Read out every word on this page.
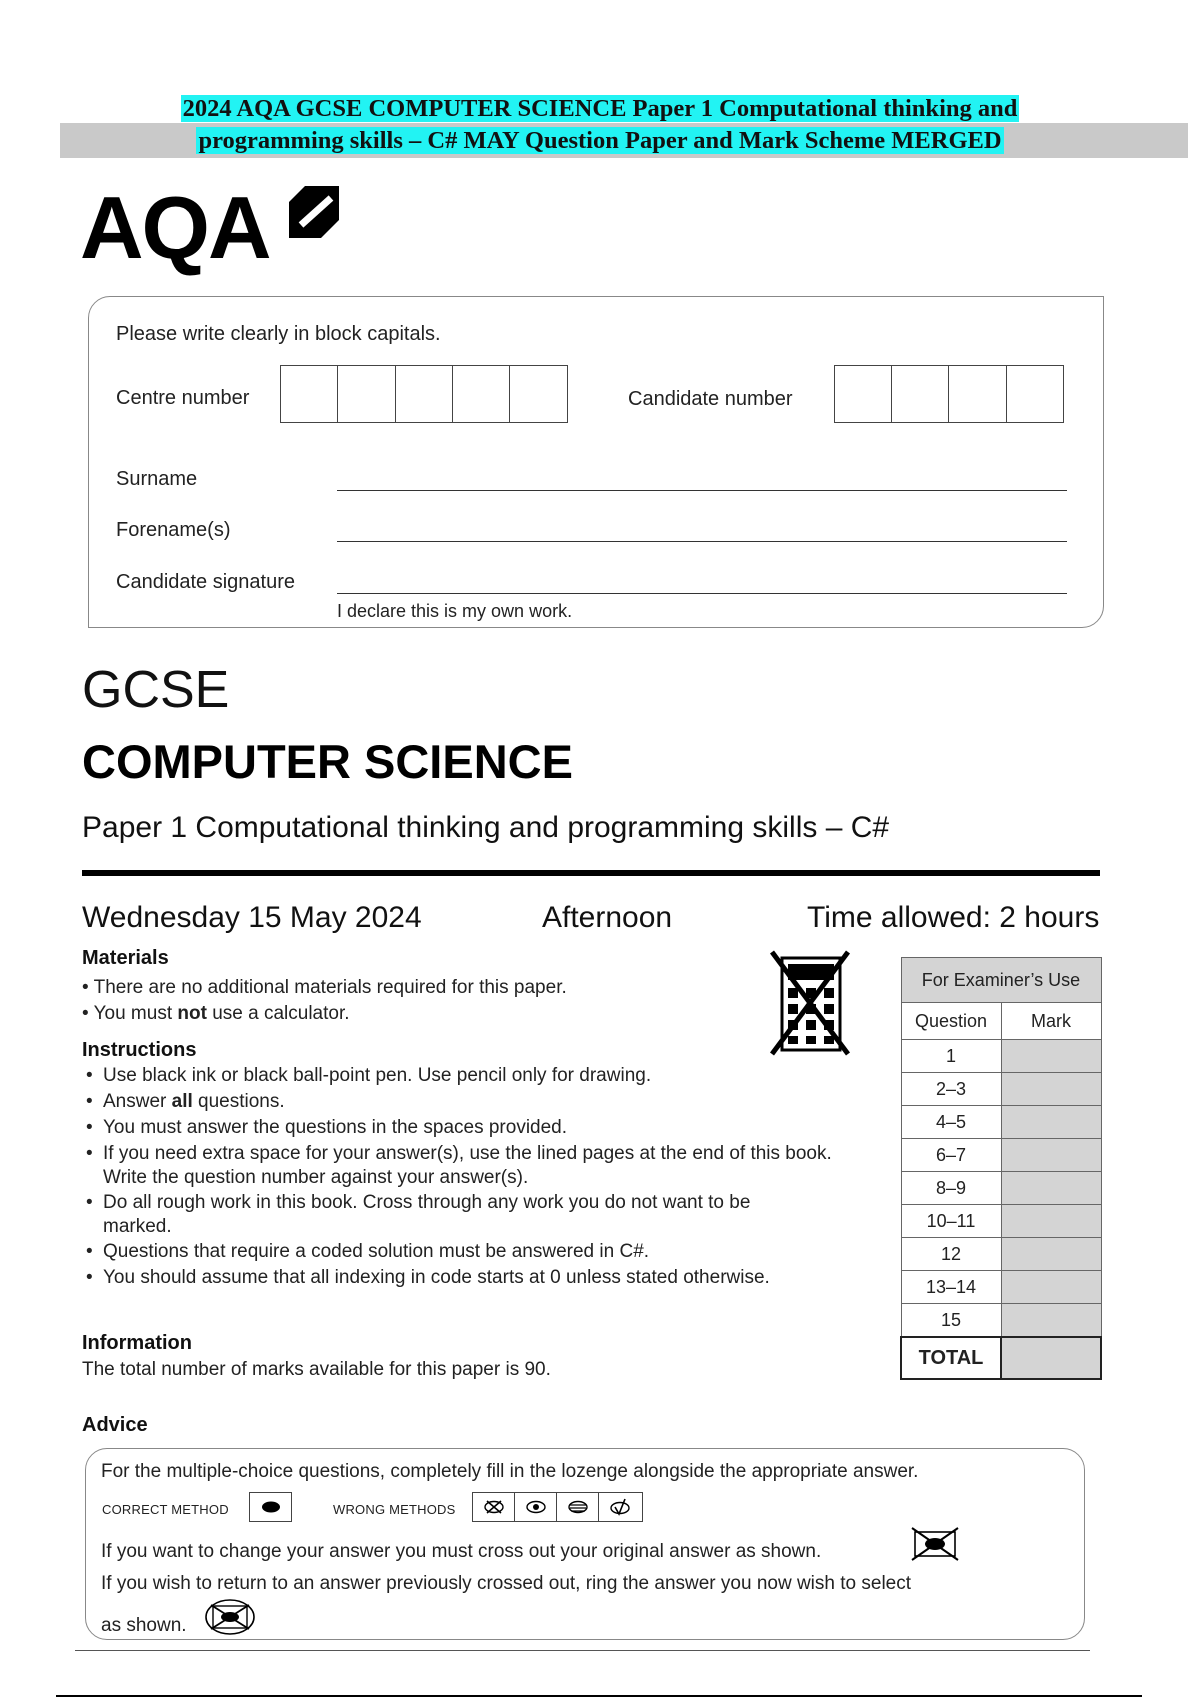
2024 AQA GCSE COMPUTER SCIENCE Paper 1 Computational thinking and
programming skills – C# MAY Question Paper and Mark Scheme MERGED
AQA
Please write clearly in block capitals.
Centre number	Candidate number
Surname
Forename(s)
Candidate signature
I declare this is my own work.
GCSE
COMPUTER SCIENCE
Paper 1 Computational thinking and programming skills – C#
Wednesday 15 May 2024	Afternoon	Time allowed: 2 hours
Materials
• There are no additional materials required for this paper.
• You must not use a calculator.
Instructions
• Use black ink or black ball-point pen. Use pencil only for drawing.
• Answer all questions.
• You must answer the questions in the spaces provided.
• If you need extra space for your answer(s), use the lined pages at the end of this book. Write the question number against your answer(s).
• Do all rough work in this book. Cross through any work you do not want to be marked.
• Questions that require a coded solution must be answered in C#.
• You should assume that all indexing in code starts at 0 unless stated otherwise.
Information
The total number of marks available for this paper is 90.
For Examiner’s Use	
Question	Mark
1	
2–3	
4–5	
6–7	
8–9	
10–11	
12	
13–14	
15	
TOTAL	
Advice
For the multiple-choice questions, completely fill in the lozenge alongside the appropriate answer.
CORRECT METHOD	WRONG METHODS
If you want to change your answer you must cross out your original answer as shown.
If you wish to return to an answer previously crossed out, ring the answer you now wish to select
as shown.
